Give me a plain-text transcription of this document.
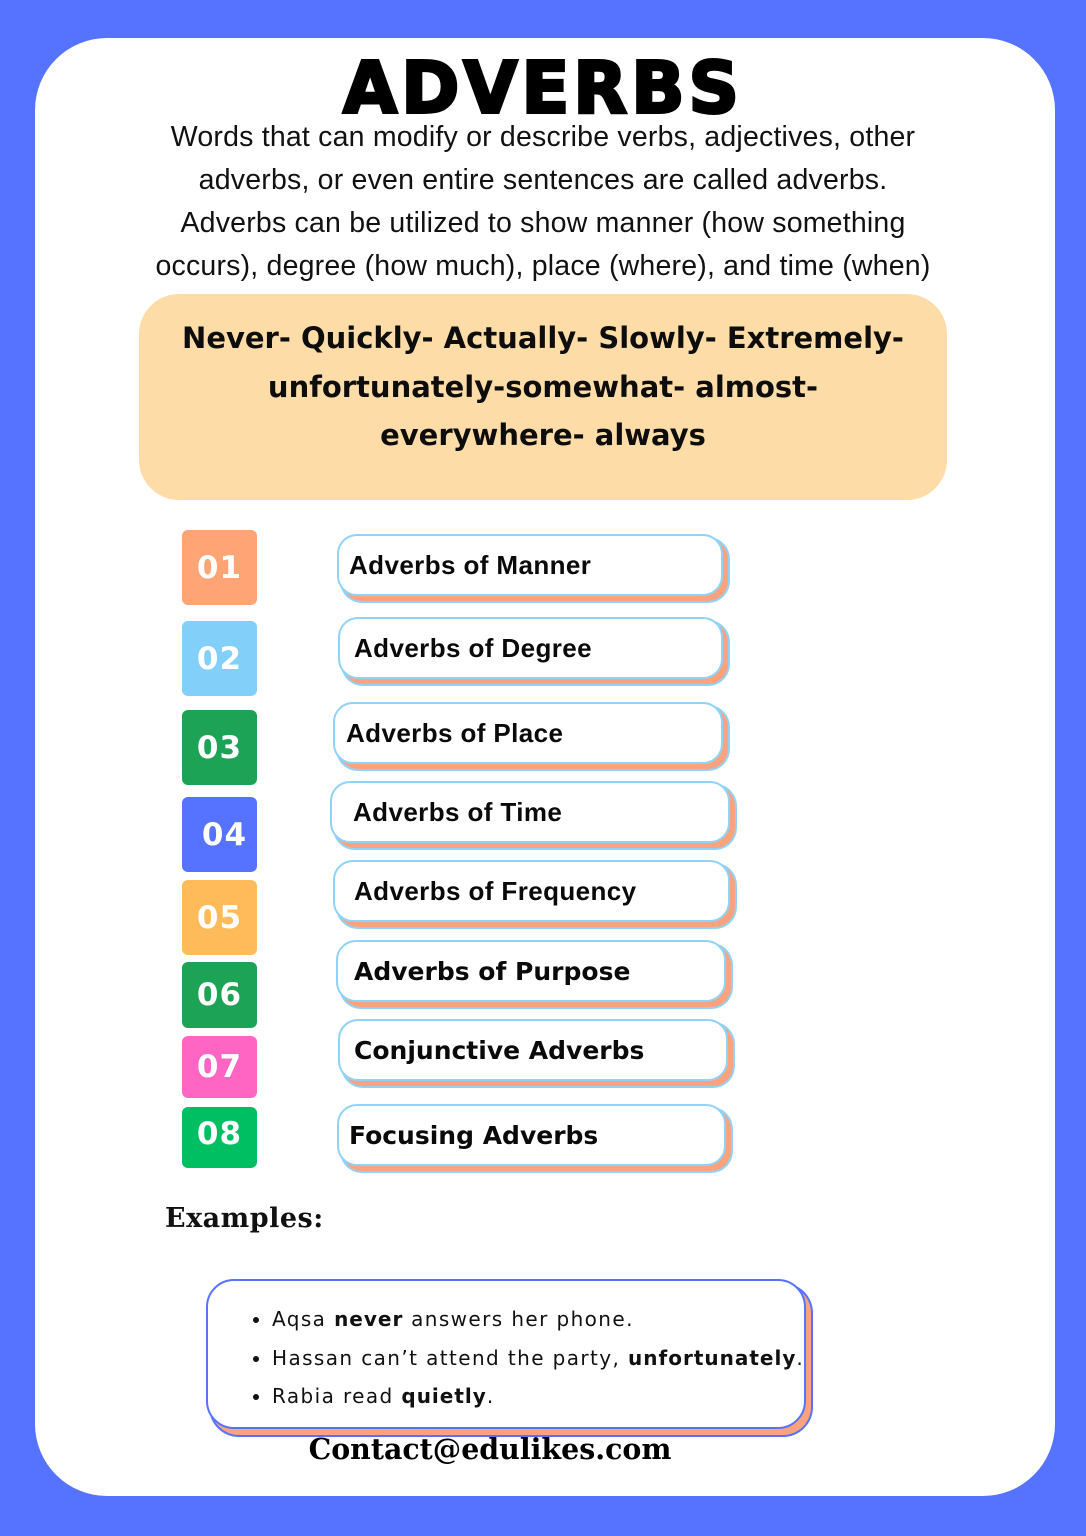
ADVERBS
Words that can modify or describe verbs, adjectives, other
adverbs, or even entire sentences are called adverbs.
Adverbs can be utilized to show manner (how something
occurs), degree (how much), place (where), and time (when)
Never- Quickly- Actually- Slowly- Extremely-
unfortunately-somewhat- almost-
everywhere- always
01
02
03
04
05
06
07
08
Adverbs of Manner
Adverbs of Degree
Adverbs of Place
Adverbs of Time
Adverbs of Frequency
Adverbs of Purpose
Conjunctive Adverbs
Focusing Adverbs
Examples:
• Aqsa never answers her phone.
• Hassan can’t attend the party, unfortunately.
• Rabia read quietly.
Contact@edulikes.com
